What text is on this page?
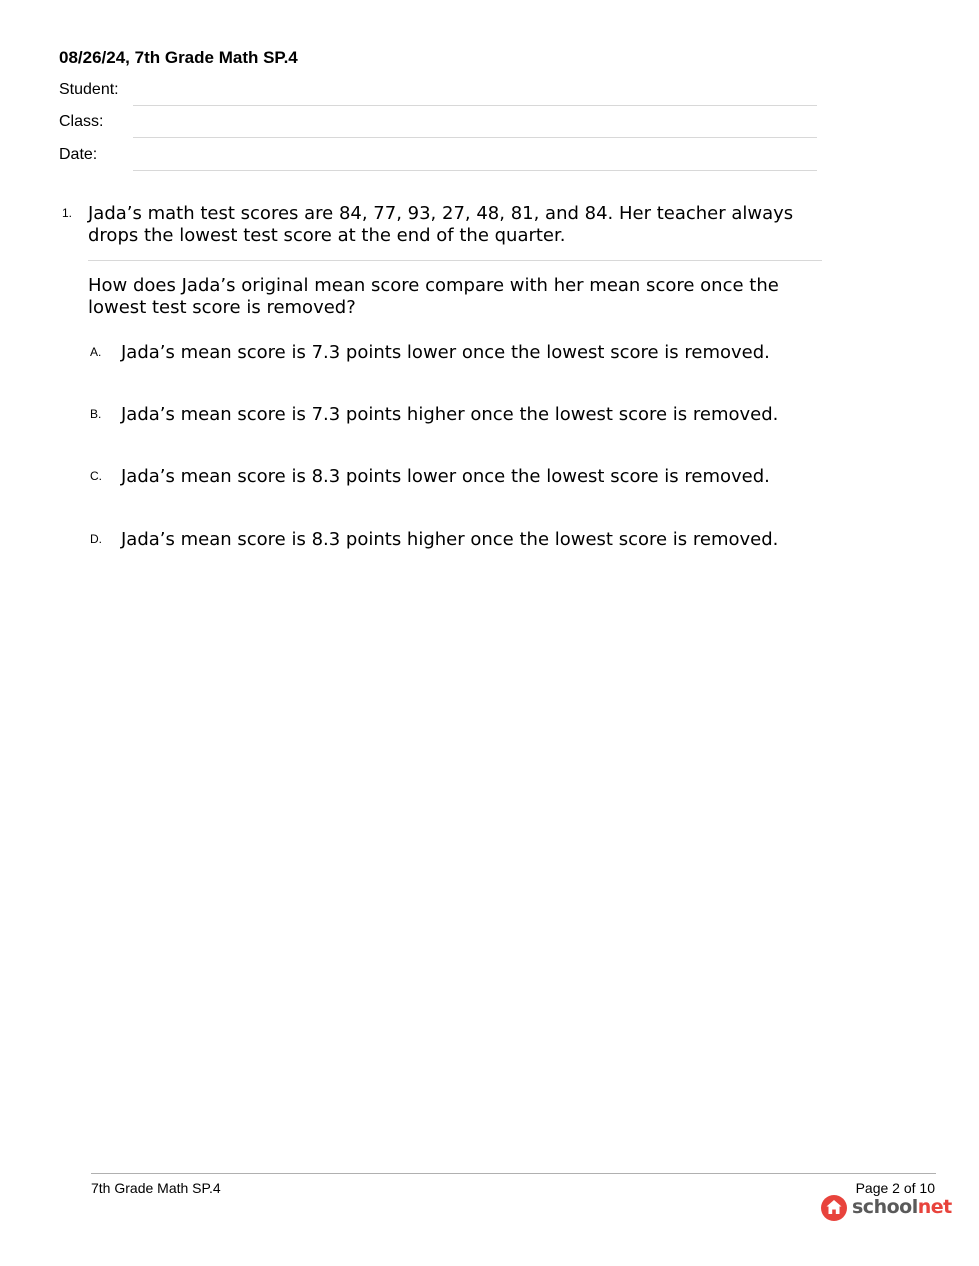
08/26/24, 7th Grade Math SP.4
Student:
Class:
Date:
1. Jada’s math test scores are 84, 77, 93, 27, 48, 81, and 84. Her teacher always drops the lowest test score at the end of the quarter.
How does Jada’s original mean score compare with her mean score once the lowest test score is removed?
A. Jada’s mean score is 7.3 points lower once the lowest score is removed.
B. Jada’s mean score is 7.3 points higher once the lowest score is removed.
C. Jada’s mean score is 8.3 points lower once the lowest score is removed.
D. Jada’s mean score is 8.3 points higher once the lowest score is removed.
7th Grade Math SP.4	Page 2 of 10
schoolnet
